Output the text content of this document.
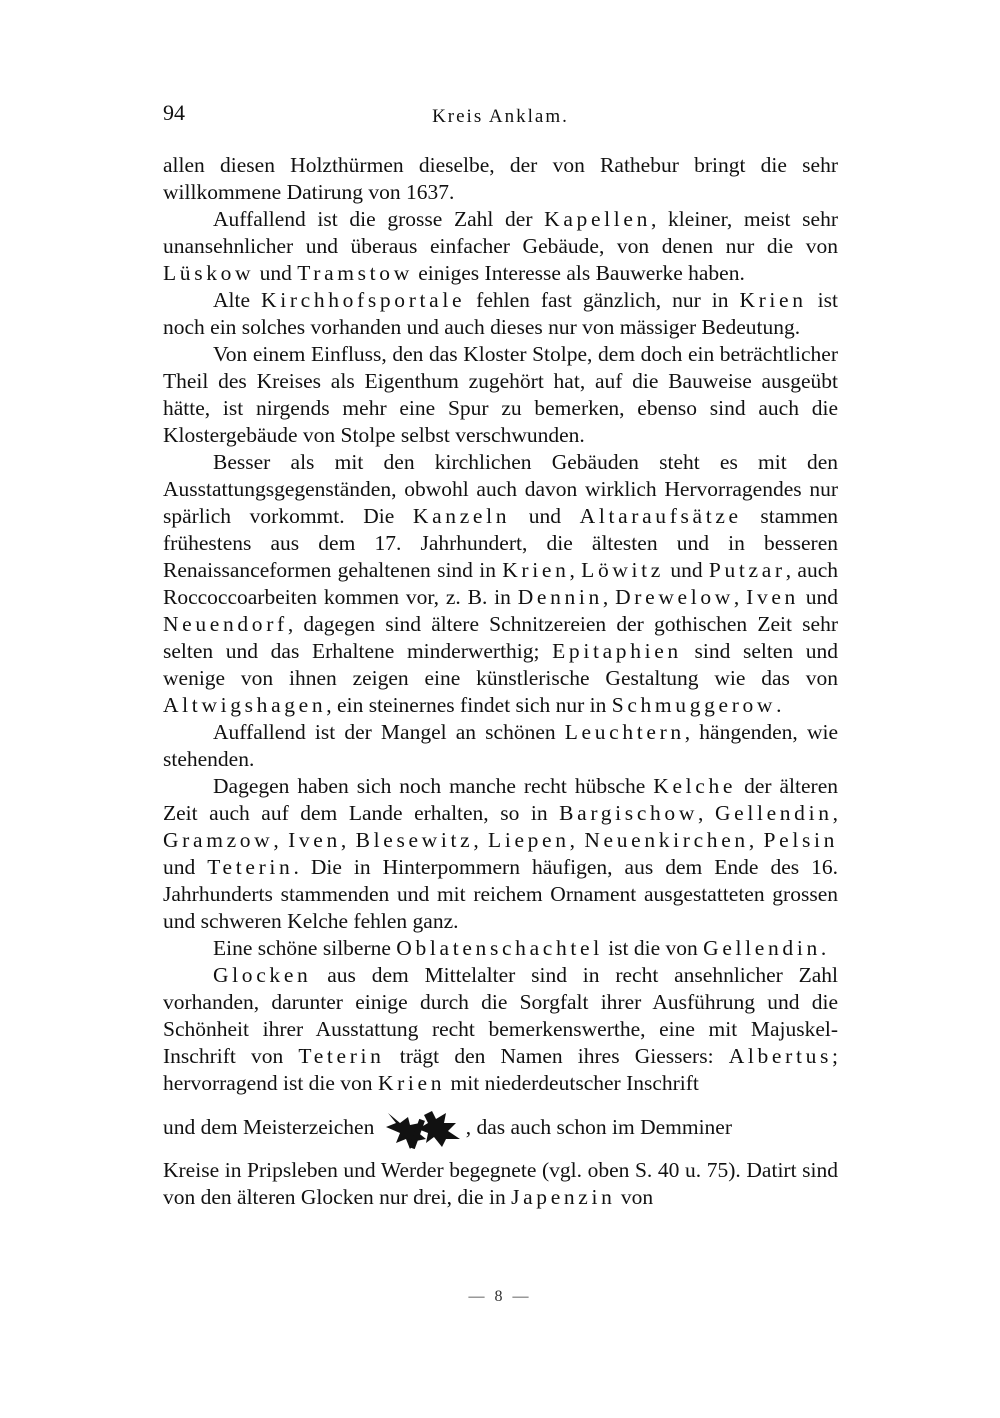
94	Kreis Anklam.

allen diesen Holzthürmen dieselbe, der von Rathebur bringt die sehr willkommene Datirung von 1637.

Auffallend ist die grosse Zahl der Kapellen, kleiner, meist sehr unansehnlicher und überaus einfacher Gebäude, von denen nur die von Lüskow und Tramstow einiges Interesse als Bauwerke haben.

Alte Kirchhofsportale fehlen fast gänzlich, nur in Krien ist noch ein solches vorhanden und auch dieses nur von mässiger Bedeutung.

Von einem Einfluss, den das Kloster Stolpe, dem doch ein beträchtlicher Theil des Kreises als Eigenthum zugehört hat, auf die Bauweise ausgeübt hätte, ist nirgends mehr eine Spur zu bemerken, ebenso sind auch die Klostergebäude von Stolpe selbst verschwunden.

Besser als mit den kirchlichen Gebäuden steht es mit den Ausstattungsgegenständen, obwohl auch davon wirklich Hervorragendes nur spärlich vorkommt. Die Kanzeln und Altaraufsätze stammen frühestens aus dem 17. Jahrhundert, die ältesten und in besseren Renaissanceformen gehaltenen sind in Krien, Löwitz und Putzar, auch Roccoccoarbeiten kommen vor, z. B. in Dennin, Drewelow, Iven und Neuendorf, dagegen sind ältere Schnitzereien der gothischen Zeit sehr selten und das Erhaltene minderwerthig; Epitaphien sind selten und wenige von ihnen zeigen eine künstlerische Gestaltung wie das von Altwigshagen, ein steinernes findet sich nur in Schmuggerow.

Auffallend ist der Mangel an schönen Leuchtern, hängenden, wie stehenden.

Dagegen haben sich noch manche recht hübsche Kelche der älteren Zeit auch auf dem Lande erhalten, so in Bargischow, Gellendin, Gramzow, Iven, Blesewitz, Liepen, Neuenkirchen, Pelsin und Teterin. Die in Hinterpommern häufigen, aus dem Ende des 16. Jahrhunderts stammenden und mit reichem Ornament ausgestatteten grossen und schweren Kelche fehlen ganz.

Eine schöne silberne Oblatenschachtel ist die von Gellendin.

Glocken aus dem Mittelalter sind in recht ansehnlicher Zahl vorhanden, darunter einige durch die Sorgfalt ihrer Ausführung und die Schönheit ihrer Ausstattung recht bemerkenswerthe, eine mit Majuskel-Inschrift von Teterin trägt den Namen ihres Giessers: Albertus; hervorragend ist die von Krien mit niederdeutscher Inschrift

und dem Meisterzeichen	, das auch schon im Demminer

Kreise in Pripsleben und Werder begegnete (vgl. oben S. 40 u. 75). Datirt sind von den älteren Glocken nur drei, die in Japenzin von

— 8 —
